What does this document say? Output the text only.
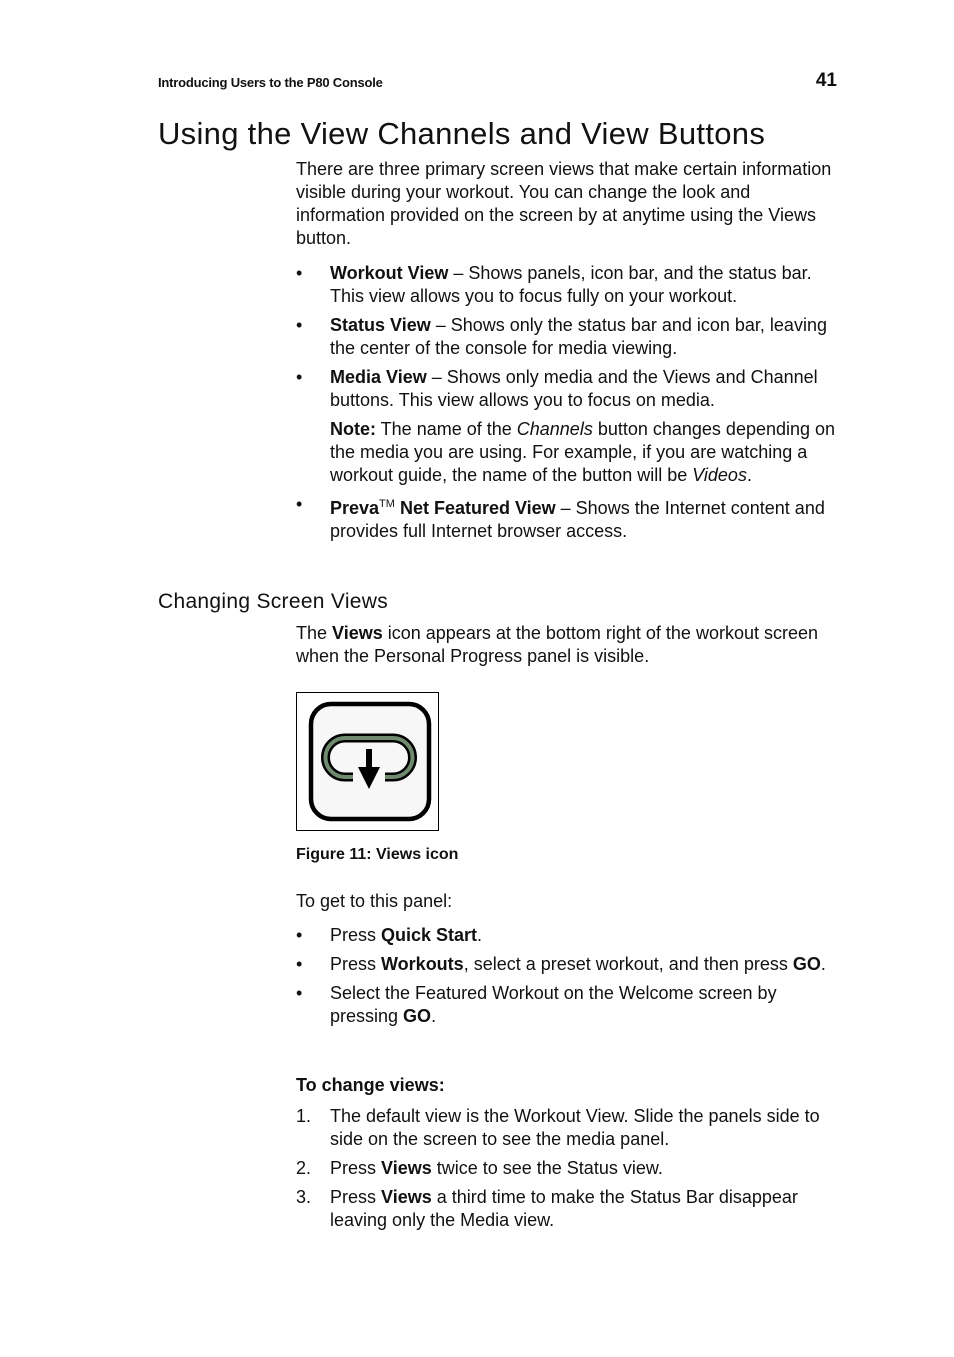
Introducing Users to the P80 Console	41
Using the View Channels and View Buttons

There are three primary screen views that make certain information visible during your workout. You can change the look and information provided on the screen by at anytime using the Views button.

• Workout View – Shows panels, icon bar, and the status bar. This view allows you to focus fully on your workout.
• Status View – Shows only the status bar and icon bar, leaving the center of the console for media viewing.
• Media View – Shows only media and the Views and Channel buttons. This view allows you to focus on media.
Note: The name of the Channels button changes depending on the media you are using. For example, if you are watching a workout guide, the name of the button will be Videos.
• Preva™ Net Featured View – Shows the Internet content and provides full Internet browser access.
Changing Screen Views

The Views icon appears at the bottom right of the workout screen when the Personal Progress panel is visible.

Figure 11: Views icon

To get to this panel:

• Press Quick Start.
• Press Workouts, select a preset workout, and then press GO.
• Select the Featured Workout on the Welcome screen by pressing GO.
To change views:
1. The default view is the Workout View. Slide the panels side to side on the screen to see the media panel.
2. Press Views twice to see the Status view.
3. Press Views a third time to make the Status Bar disappear leaving only the Media view.
